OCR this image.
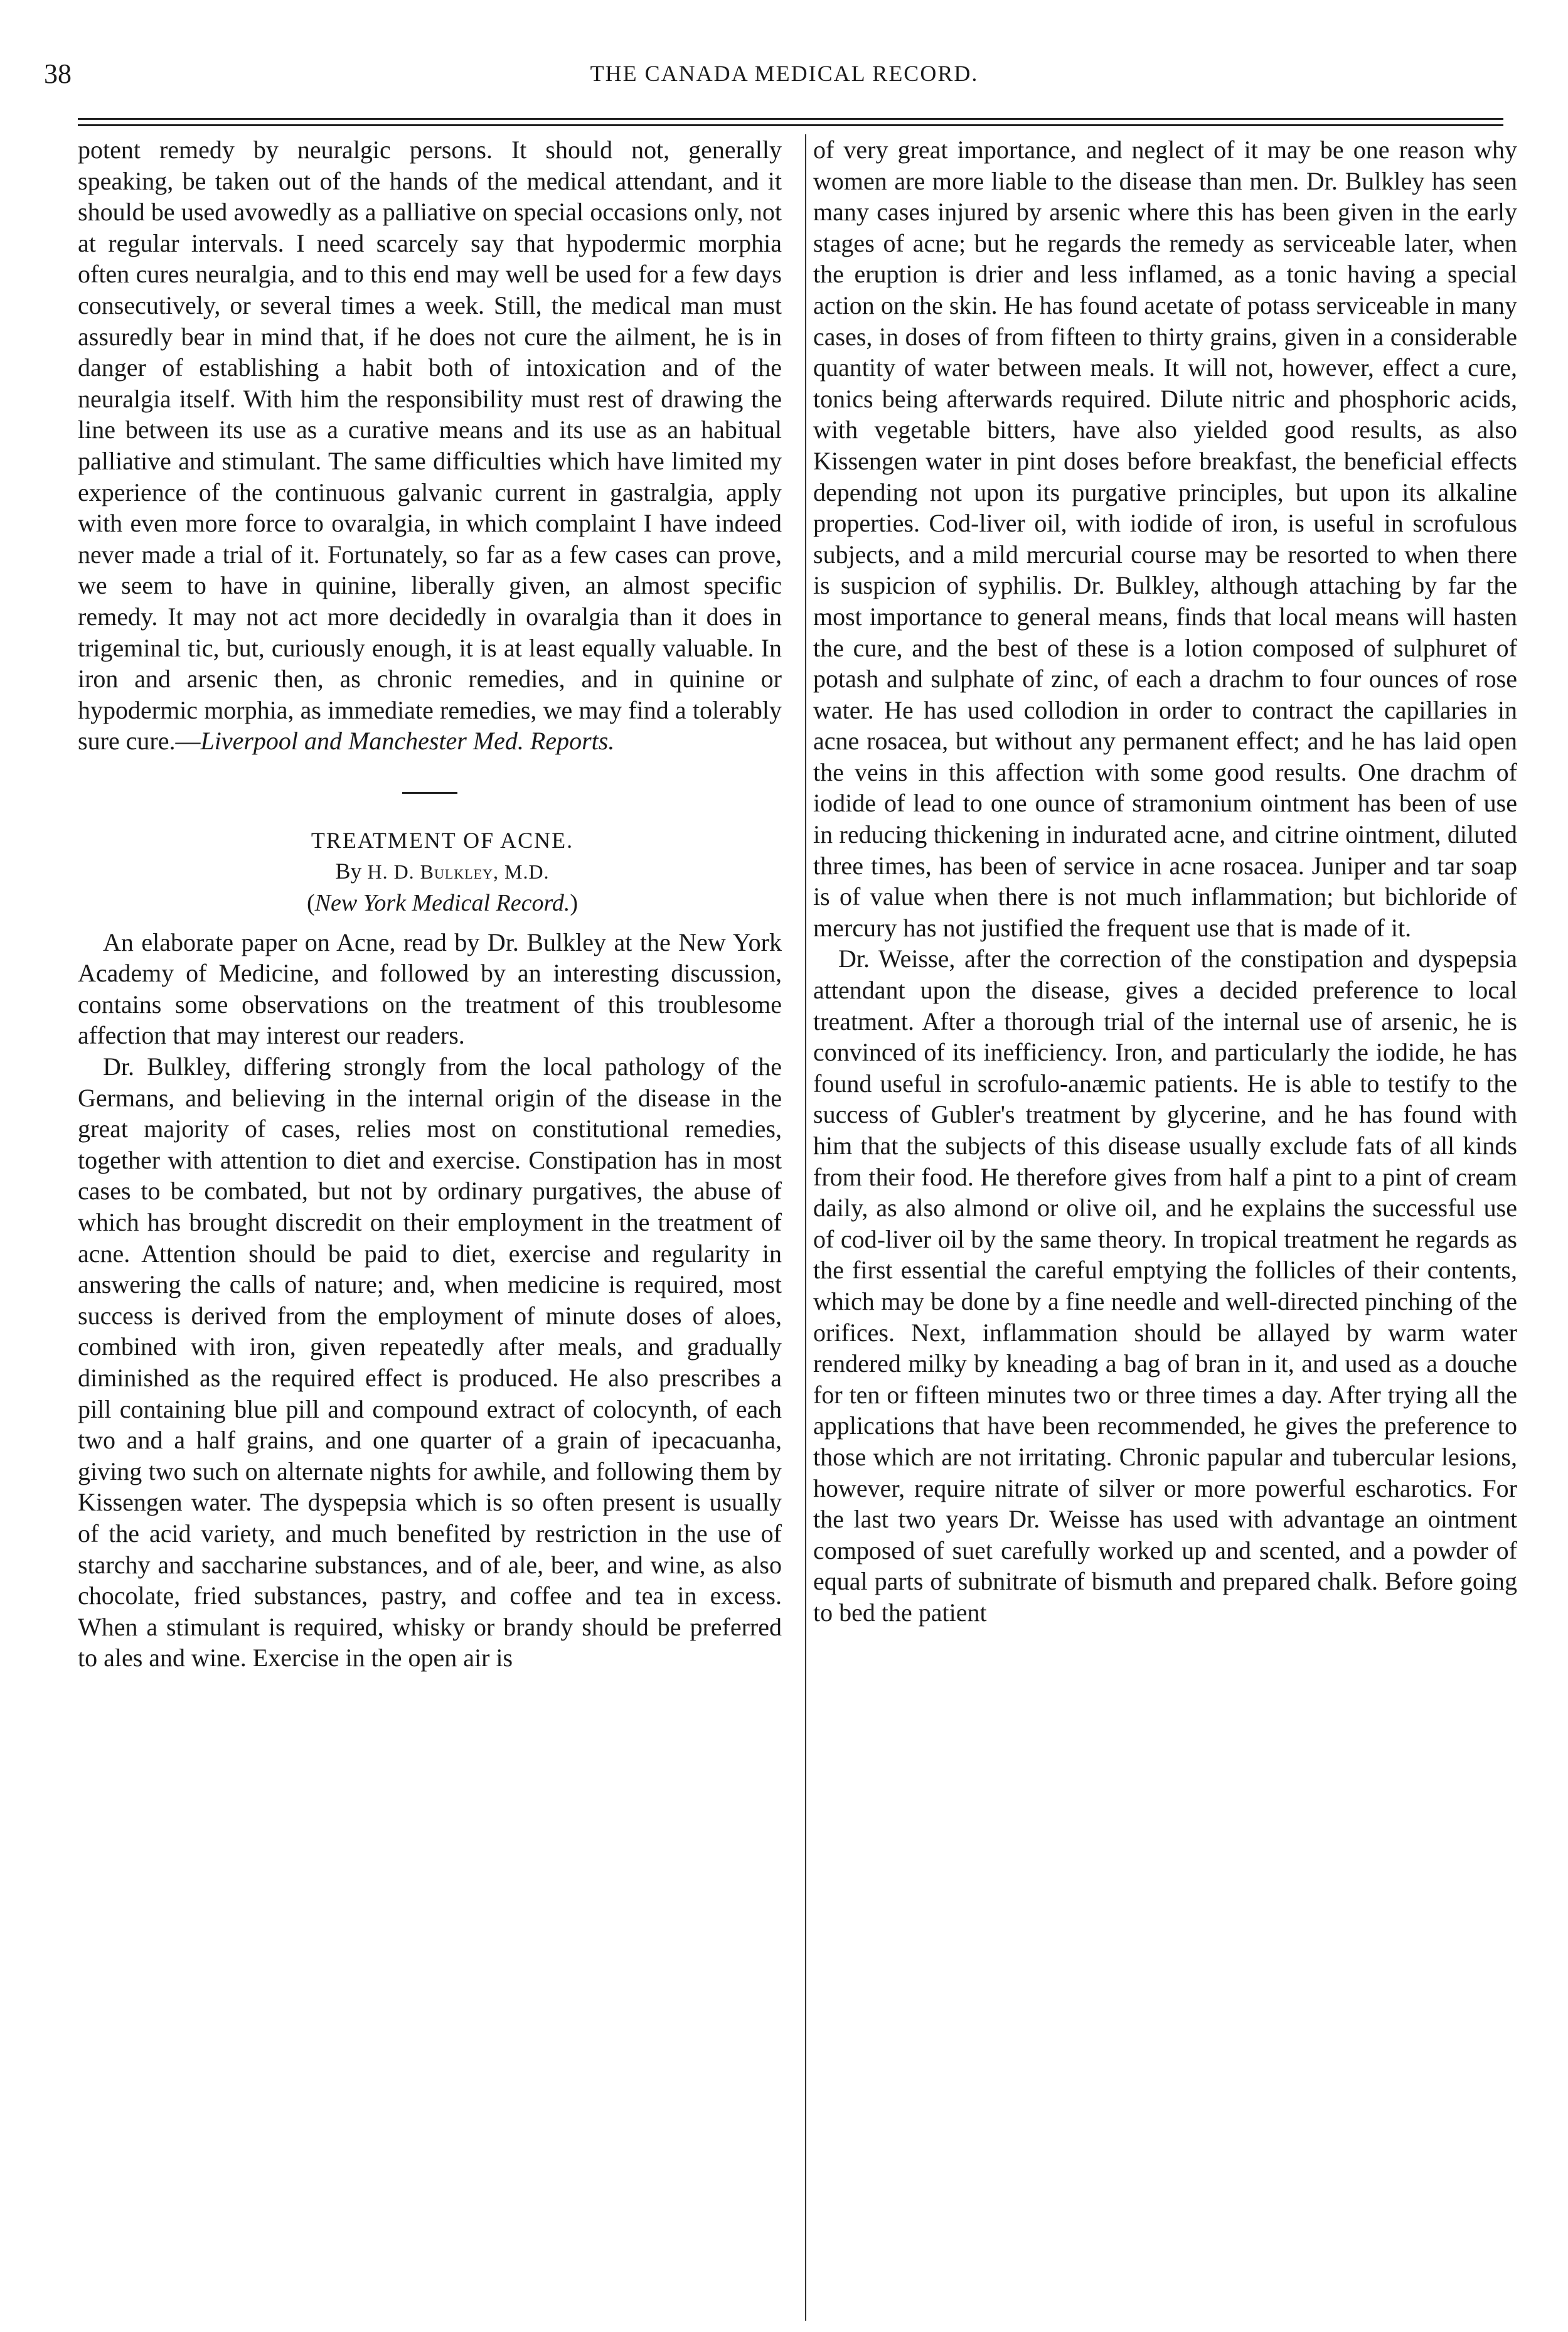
38	THE CANADA MEDICAL RECORD.

potent remedy by neuralgic persons. It should not, generally speaking, be taken out of the hands of the medical attendant, and it should be used avowedly as a palliative on special occasions only, not at regular intervals. I need scarcely say that hypodermic morphia often cures neuralgia, and to this end may well be used for a few days consecutively, or several times a week. Still, the medical man must assuredly bear in mind that, if he does not cure the ailment, he is in danger of establishing a habit both of intoxication and of the neuralgia itself. With him the responsibility must rest of drawing the line between its use as a curative means and its use as an habitual palliative and stimulant. The same difficulties which have limited my experience of the continuous galvanic current in gastralgia, apply with even more force to ovaralgia, in which complaint I have indeed never made a trial of it. Fortunately, so far as a few cases can prove, we seem to have in quinine, liberally given, an almost specific remedy. It may not act more decidedly in ovaralgia than it does in trigeminal tic, but, curiously enough, it is at least equally valuable. In iron and arsenic then, as chronic remedies, and in quinine or hypodermic morphia, as immediate remedies, we may find a tolerably sure cure.—Liverpool and Manchester Med. Reports.

TREATMENT OF ACNE.

By H. D. Bulkley, M.D.

(New York Medical Record.)

An elaborate paper on Acne, read by Dr. Bulkley at the New York Academy of Medicine, and followed by an interesting discussion, contains some observations on the treatment of this troublesome affection that may interest our readers.

Dr. Bulkley, differing strongly from the local pathology of the Germans, and believing in the internal origin of the disease in the great majority of cases, relies most on constitutional remedies, together with attention to diet and exercise. Constipation has in most cases to be combated, but not by ordinary purgatives, the abuse of which has brought discredit on their employment in the treatment of acne. Attention should be paid to diet, exercise and regularity in answering the calls of nature; and, when medicine is required, most success is derived from the employment of minute doses of aloes, combined with iron, given repeatedly after meals, and gradually diminished as the required effect is produced. He also prescribes a pill containing blue pill and compound extract of colocynth, of each two and a half grains, and one quarter of a grain of ipecacuanha, giving two such on alternate nights for awhile, and following them by Kissengen water. The dyspepsia which is so often present is usually of the acid variety, and much benefited by restriction in the use of starchy and saccharine substances, and of ale, beer, and wine, as also chocolate, fried substances, pastry, and coffee and tea in excess. When a stimulant is required, whisky or brandy should be preferred to ales and wine. Exercise in the open air is

of very great importance, and neglect of it may be one reason why women are more liable to the disease than men. Dr. Bulkley has seen many cases injured by arsenic where this has been given in the early stages of acne; but he regards the remedy as serviceable later, when the eruption is drier and less inflamed, as a tonic having a special action on the skin. He has found acetate of potass serviceable in many cases, in doses of from fifteen to thirty grains, given in a considerable quantity of water between meals. It will not, however, effect a cure, tonics being afterwards required. Dilute nitric and phosphoric acids, with vegetable bitters, have also yielded good results, as also Kissengen water in pint doses before breakfast, the beneficial effects depending not upon its purgative principles, but upon its alkaline properties. Cod-liver oil, with iodide of iron, is useful in scrofulous subjects, and a mild mercurial course may be resorted to when there is suspicion of syphilis. Dr. Bulkley, although attaching by far the most importance to general means, finds that local means will hasten the cure, and the best of these is a lotion composed of sulphuret of potash and sulphate of zinc, of each a drachm to four ounces of rose water. He has used collodion in order to contract the capillaries in acne rosacea, but without any permanent effect; and he has laid open the veins in this affection with some good results. One drachm of iodide of lead to one ounce of stramonium ointment has been of use in reducing thickening in indurated acne, and citrine ointment, diluted three times, has been of service in acne rosacea. Juniper and tar soap is of value when there is not much inflammation; but bichloride of mercury has not justified the frequent use that is made of it.

Dr. Weisse, after the correction of the constipation and dyspepsia attendant upon the disease, gives a decided preference to local treatment. After a thorough trial of the internal use of arsenic, he is convinced of its inefficiency. Iron, and particularly the iodide, he has found useful in scrofulo-anæmic patients. He is able to testify to the success of Gubler's treatment by glycerine, and he has found with him that the subjects of this disease usually exclude fats of all kinds from their food. He therefore gives from half a pint to a pint of cream daily, as also almond or olive oil, and he explains the successful use of cod-liver oil by the same theory. In tropical treatment he regards as the first essential the careful emptying the follicles of their contents, which may be done by a fine needle and well-directed pinching of the orifices. Next, inflammation should be allayed by warm water rendered milky by kneading a bag of bran in it, and used as a douche for ten or fifteen minutes two or three times a day. After trying all the applications that have been recommended, he gives the preference to those which are not irritating. Chronic papular and tubercular lesions, however, require nitrate of silver or more powerful escharotics. For the last two years Dr. Weisse has used with advantage an ointment composed of suet carefully worked up and scented, and a powder of equal parts of subnitrate of bismuth and prepared chalk. Before going to bed the patient
